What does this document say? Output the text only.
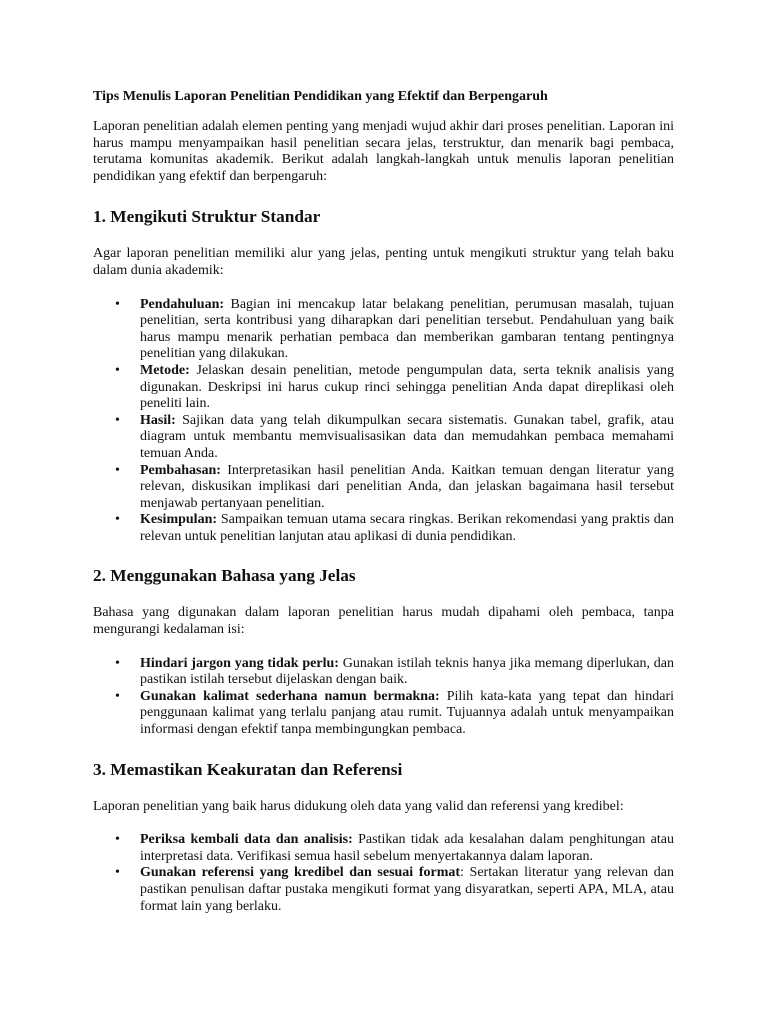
Tips Menulis Laporan Penelitian Pendidikan yang Efektif dan Berpengaruh

Laporan penelitian adalah elemen penting yang menjadi wujud akhir dari proses penelitian. Laporan ini harus mampu menyampaikan hasil penelitian secara jelas, terstruktur, dan menarik bagi pembaca, terutama komunitas akademik. Berikut adalah langkah-langkah untuk menulis laporan penelitian pendidikan yang efektif dan berpengaruh:

1. Mengikuti Struktur Standar

Agar laporan penelitian memiliki alur yang jelas, penting untuk mengikuti struktur yang telah baku dalam dunia akademik:

• Pendahuluan: Bagian ini mencakup latar belakang penelitian, perumusan masalah, tujuan penelitian, serta kontribusi yang diharapkan dari penelitian tersebut. Pendahuluan yang baik harus mampu menarik perhatian pembaca dan memberikan gambaran tentang pentingnya penelitian yang dilakukan.
• Metode: Jelaskan desain penelitian, metode pengumpulan data, serta teknik analisis yang digunakan. Deskripsi ini harus cukup rinci sehingga penelitian Anda dapat direplikasi oleh peneliti lain.
• Hasil: Sajikan data yang telah dikumpulkan secara sistematis. Gunakan tabel, grafik, atau diagram untuk membantu memvisualisasikan data dan memudahkan pembaca memahami temuan Anda.
• Pembahasan: Interpretasikan hasil penelitian Anda. Kaitkan temuan dengan literatur yang relevan, diskusikan implikasi dari penelitian Anda, dan jelaskan bagaimana hasil tersebut menjawab pertanyaan penelitian.
• Kesimpulan: Sampaikan temuan utama secara ringkas. Berikan rekomendasi yang praktis dan relevan untuk penelitian lanjutan atau aplikasi di dunia pendidikan.
2. Menggunakan Bahasa yang Jelas

Bahasa yang digunakan dalam laporan penelitian harus mudah dipahami oleh pembaca, tanpa mengurangi kedalaman isi:

• Hindari jargon yang tidak perlu: Gunakan istilah teknis hanya jika memang diperlukan, dan pastikan istilah tersebut dijelaskan dengan baik.
• Gunakan kalimat sederhana namun bermakna: Pilih kata-kata yang tepat dan hindari penggunaan kalimat yang terlalu panjang atau rumit. Tujuannya adalah untuk menyampaikan informasi dengan efektif tanpa membingungkan pembaca.
3. Memastikan Keakuratan dan Referensi

Laporan penelitian yang baik harus didukung oleh data yang valid dan referensi yang kredibel:

• Periksa kembali data dan analisis: Pastikan tidak ada kesalahan dalam penghitungan atau interpretasi data. Verifikasi semua hasil sebelum menyertakannya dalam laporan.
• Gunakan referensi yang kredibel dan sesuai format: Sertakan literatur yang relevan dan pastikan penulisan daftar pustaka mengikuti format yang disyaratkan, seperti APA, MLA, atau format lain yang berlaku.
